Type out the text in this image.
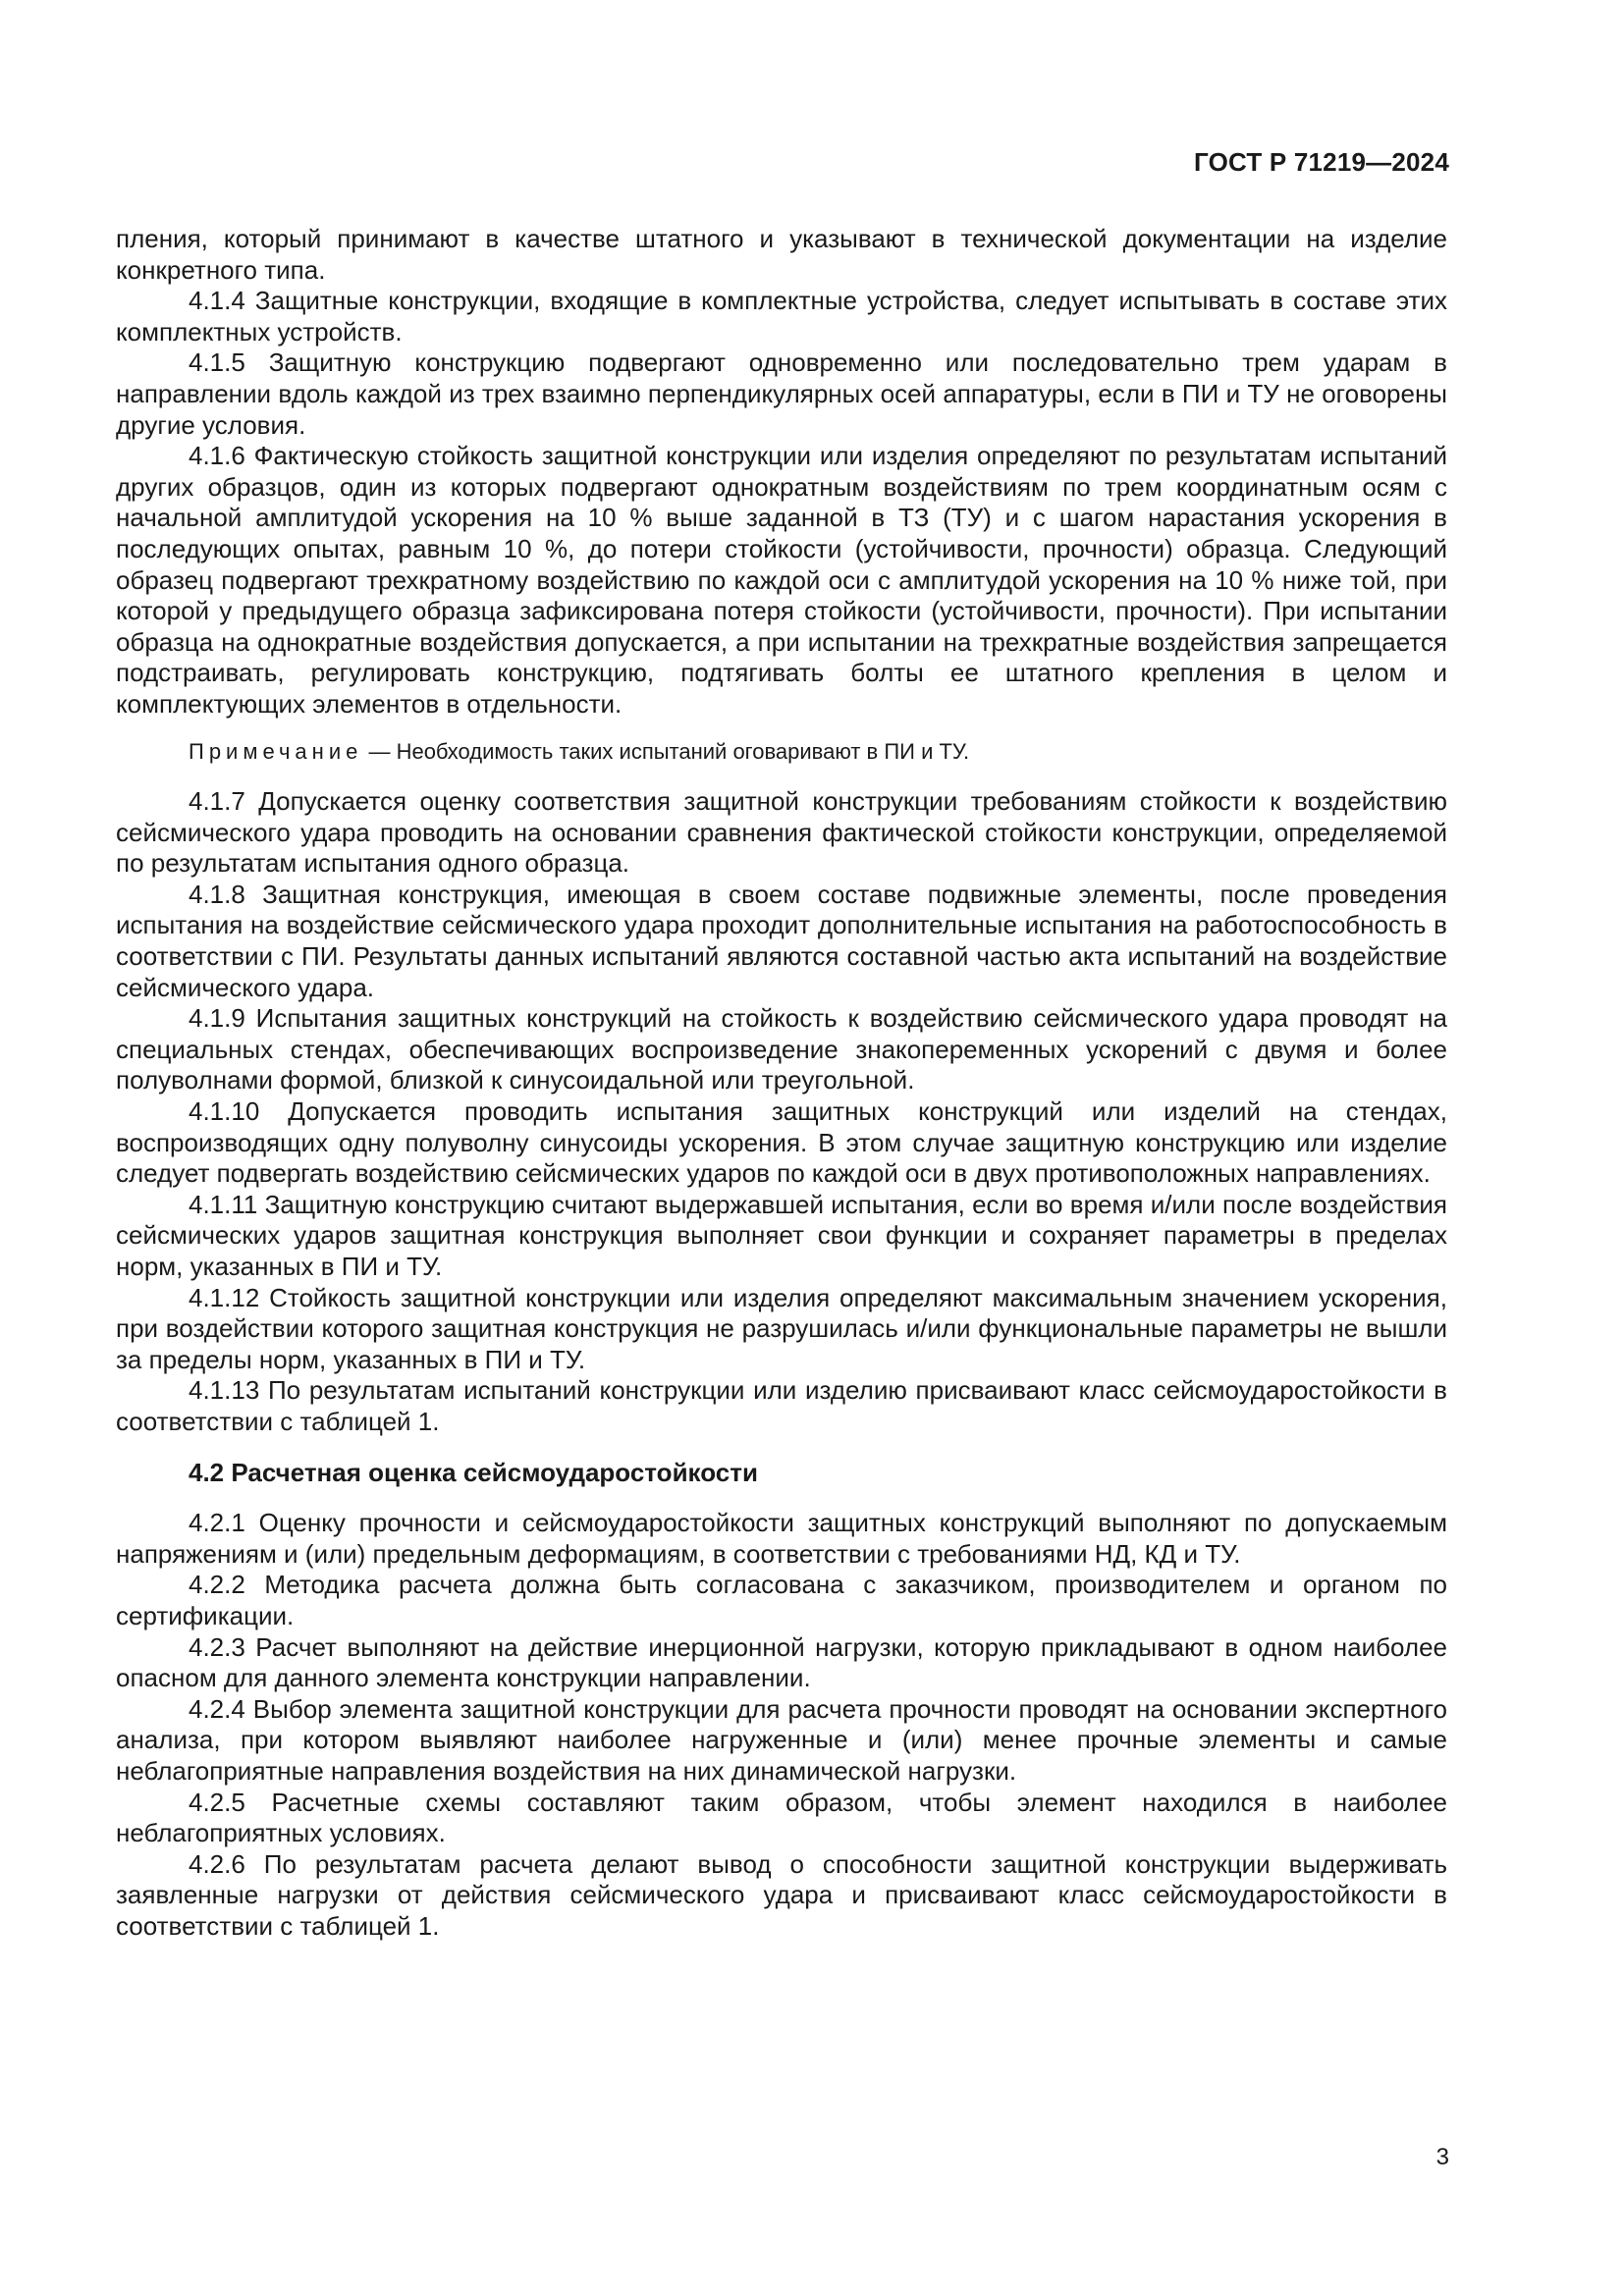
ГОСТ Р 71219—2024

пления, который принимают в качестве штатного и указывают в технической документации на изделие конкретного типа.

4.1.4 Защитные конструкции, входящие в комплектные устройства, следует испытывать в составе этих комплектных устройств.

4.1.5 Защитную конструкцию подвергают одновременно или последовательно трем ударам в направлении вдоль каждой из трех взаимно перпендикулярных осей аппаратуры, если в ПИ и ТУ не оговорены другие условия.

4.1.6 Фактическую стойкость защитной конструкции или изделия определяют по результатам испытаний других образцов, один из которых подвергают однократным воздействиям по трем координатным осям с начальной амплитудой ускорения на 10 % выше заданной в ТЗ (ТУ) и с шагом нарастания ускорения в последующих опытах, равным 10 %, до потери стойкости (устойчивости, прочности) образца. Следующий образец подвергают трехкратному воздействию по каждой оси с амплитудой ускорения на 10 % ниже той, при которой у предыдущего образца зафиксирована потеря стойкости (устойчивости, прочности). При испытании образца на однократные воздействия допускается, а при испытании на трехкратные воздействия запрещается подстраивать, регулировать конструкцию, подтягивать болты ее штатного крепления в целом и комплектующих элементов в отдельности.

Примечание — Необходимость таких испытаний оговаривают в ПИ и ТУ.

4.1.7 Допускается оценку соответствия защитной конструкции требованиям стойкости к воздействию сейсмического удара проводить на основании сравнения фактической стойкости конструкции, определяемой по результатам испытания одного образца.

4.1.8 Защитная конструкция, имеющая в своем составе подвижные элементы, после проведения испытания на воздействие сейсмического удара проходит дополнительные испытания на работоспособность в соответствии с ПИ. Результаты данных испытаний являются составной частью акта испытаний на воздействие сейсмического удара.

4.1.9 Испытания защитных конструкций на стойкость к воздействию сейсмического удара проводят на специальных стендах, обеспечивающих воспроизведение знакопеременных ускорений с двумя и более полуволнами формой, близкой к синусоидальной или треугольной.

4.1.10 Допускается проводить испытания защитных конструкций или изделий на стендах, воспроизводящих одну полуволну синусоиды ускорения. В этом случае защитную конструкцию или изделие следует подвергать воздействию сейсмических ударов по каждой оси в двух противоположных направлениях.

4.1.11 Защитную конструкцию считают выдержавшей испытания, если во время и/или после воздействия сейсмических ударов защитная конструкция выполняет свои функции и сохраняет параметры в пределах норм, указанных в ПИ и ТУ.

4.1.12 Стойкость защитной конструкции или изделия определяют максимальным значением ускорения, при воздействии которого защитная конструкция не разрушилась и/или функциональные параметры не вышли за пределы норм, указанных в ПИ и ТУ.

4.1.13 По результатам испытаний конструкции или изделию присваивают класс сейсмоударостойкости в соответствии с таблицей 1.

4.2 Расчетная оценка сейсмоударостойкости

4.2.1 Оценку прочности и сейсмоударостойкости защитных конструкций выполняют по допускаемым напряжениям и (или) предельным деформациям, в соответствии с требованиями НД, КД и ТУ.

4.2.2 Методика расчета должна быть согласована с заказчиком, производителем и органом по сертификации.

4.2.3 Расчет выполняют на действие инерционной нагрузки, которую прикладывают в одном наиболее опасном для данного элемента конструкции направлении.

4.2.4 Выбор элемента защитной конструкции для расчета прочности проводят на основании экспертного анализа, при котором выявляют наиболее нагруженные и (или) менее прочные элементы и самые неблагоприятные направления воздействия на них динамической нагрузки.

4.2.5 Расчетные схемы составляют таким образом, чтобы элемент находился в наиболее неблагоприятных условиях.

4.2.6 По результатам расчета делают вывод о способности защитной конструкции выдерживать заявленные нагрузки от действия сейсмического удара и присваивают класс сейсмоударостойкости в соответствии с таблицей 1.

3
